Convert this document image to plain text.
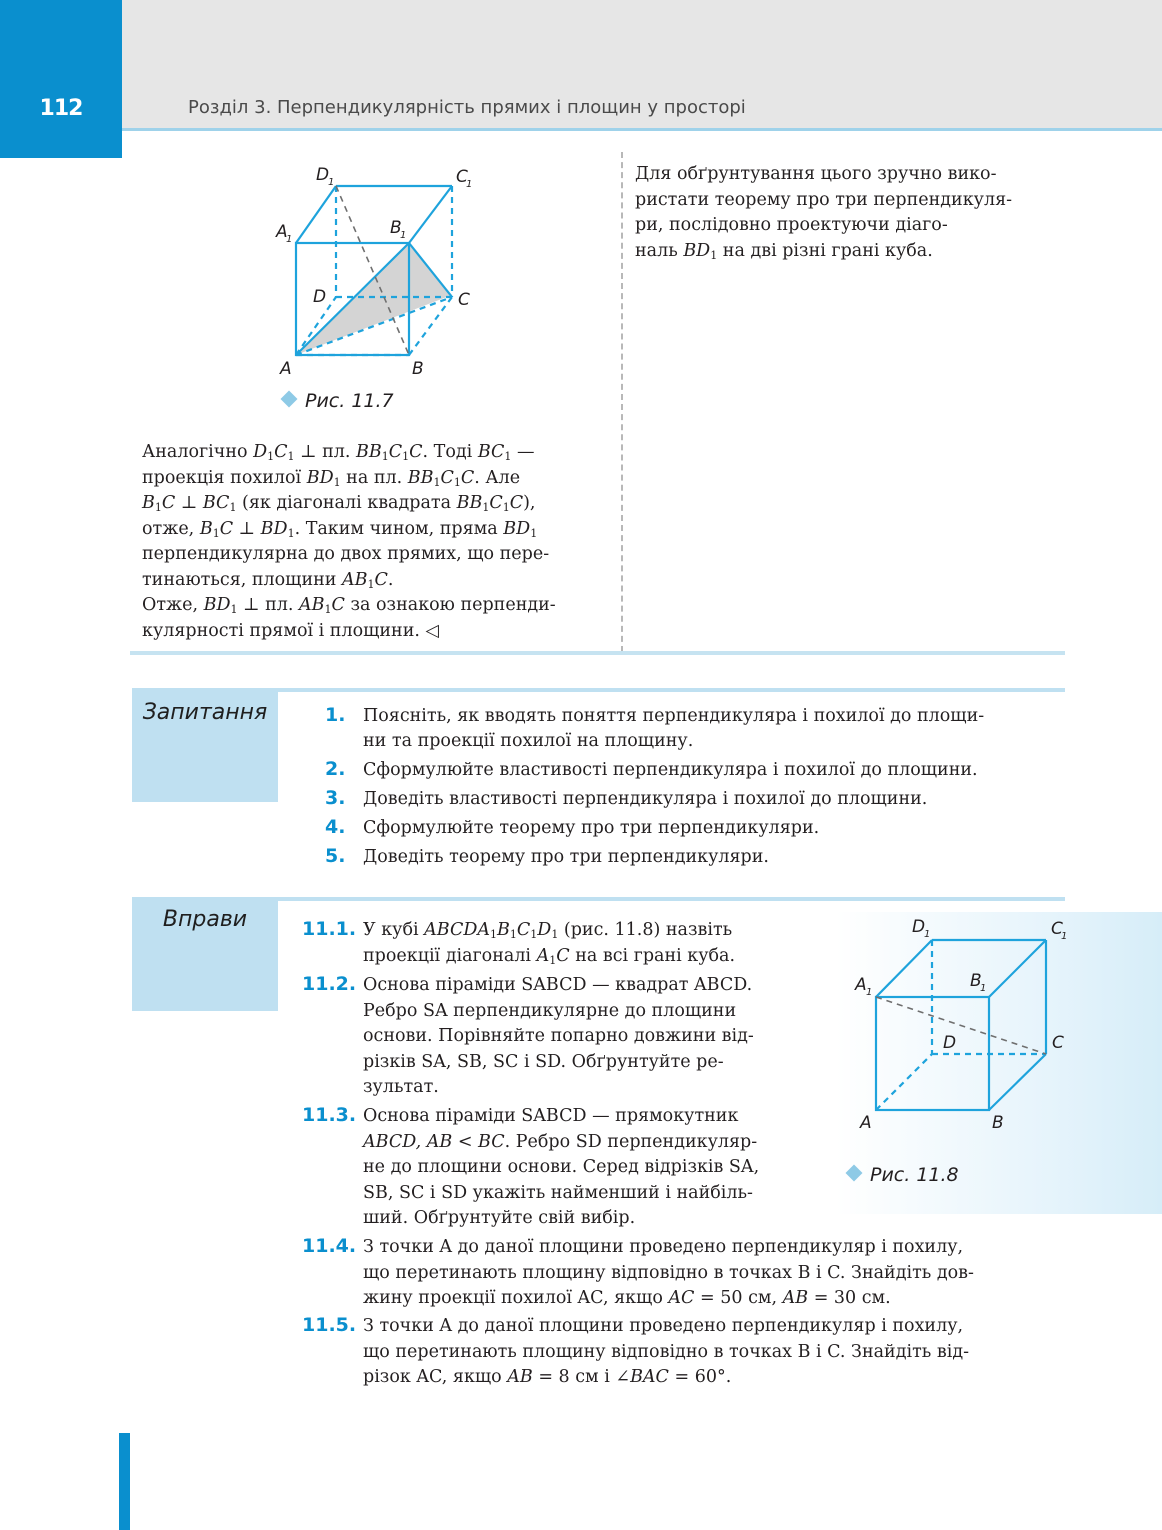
112	Розділ 3. Перпендикулярність прямих і площин у просторі
A	B
C
D
A
1
B
1
C
1
D
1
Рис. 11.7
Для обґрунтування цього зручно вико-
ристати теорему про три перпендикуля-
ри, послідовно проектуючи діаго-
наль $BD_1$ на дві різні грані куба.
Аналогічно $D_1C_1$ ⊥ пл. $BB_1C_1C$. Тоді $BC_1$ —
проекція похилої $BD_1$ на пл. $BB_1C_1C$. Але
$B_1C$ ⊥ $BC_1$ (як діагоналі квадрата $BB_1C_1C$),
отже, $B_1C$ ⊥ $BD_1$. Таким чином, пряма $BD_1$
перпендикулярна до двох прямих, що пере-
тинаються, площини $AB_1C$.
Отже, $BD_1$ ⊥ пл. $AB_1C$ за ознакою перпенди-
кулярності прямої і площини. ◁
Запитання	1. Поясніть, як вводять поняття перпендикуляра і похилої до площи-
ни та проекції похилої на площину.
2. Сформулюйте властивості перпендикуляра і похилої до площини.
3. Доведіть властивості перпендикуляра і похилої до площини.
4. Сформулюйте теорему про три перпендикуляри.
5. Доведіть теорему про три перпендикуляри.
Вправи	11.1. У кубі $ABCDA_1B_1C_1D_1$ (рис. 11.8) назвіть
проекції діагоналі $A_1C$ на всі грані куба.
11.2. Основа піраміди SABCD — квадрат ABCD.
Ребро SA перпендикулярне до площини
основи. Порівняйте попарно довжини від-
різків SA, SB, SC і SD. Обґрунтуйте ре-
зультат.
11.3. Основа піраміди SABCD — прямокутник
ABCD, AB < BC. Ребро SD перпендикуляр-
не до площини основи. Серед відрізків SA,
SB, SC і SD укажіть найменший і найбіль-
ший. Обґрунтуйте свій вибір.
11.4. З точки A до даної площини проведено перпендикуляр і похилу,
що перетинають площину відповідно в точках B і C. Знайдіть дов-
жину проекції похилої AC, якщо AC = 50 см, AB = 30 см.
11.5. З точки A до даної площини проведено перпендикуляр і похилу,
що перетинають площину відповідно в точках B і C. Знайдіть від-
різок AC, якщо AB = 8 см і ∠BAC = 60°.
A	B
C
D
A 1
B
1
C
1
D
1
Рис. 11.8
